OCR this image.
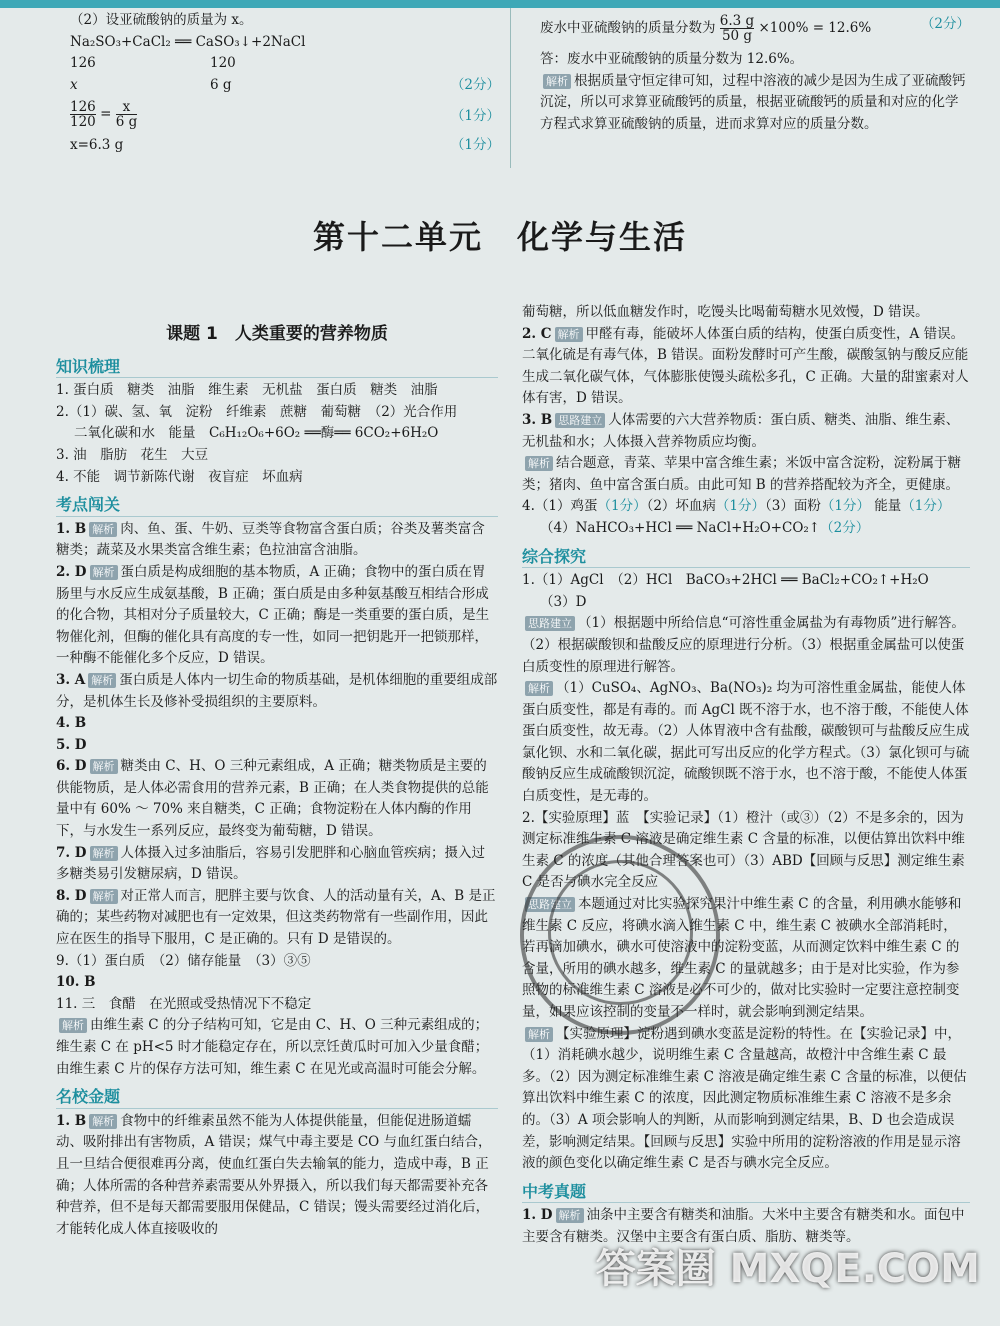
（2）设亚硫酸钠的质量为 x。

Na₂SO₃+CaCl₂ ══ CaSO₃↓+2NaCl

126	120

x	6 g	（2分）

$\frac{126}{120} = \frac{x}{6 g}$	（1分）

x=6.3 g	（1分）

废水中亚硫酸钠的质量分数为 $\frac{6.3 g}{50 g} \times 100\% = 12.6\%$	（2分）

答：废水中亚硫酸钠的质量分数为 12.6%。

解析 根据质量守恒定律可知，过程中溶液的减少是因为生成了亚硫酸钙沉淀，所以可求算亚硫酸钙的质量，根据亚硫酸钙的质量和对应的化学方程式求算亚硫酸钠的质量，进而求算对应的质量分数。

第十二单元　化学与生活
课题 1　人类重要的营养物质
知识梳理

1. 蛋白质　糖类　油脂　维生素　无机盐　蛋白质　糖类　油脂

2.（1）碳、氢、氧　淀粉　纤维素　蔗糖　葡萄糖　（2）光合作用

二氧化碳和水　能量　C₆H₁₂O₆+6O₂ ══酶══ 6CO₂+6H₂O

3. 油　脂肪　花生　大豆

4. 不能　调节新陈代谢　夜盲症　坏血病

考点闯关

1. B 解析 肉、鱼、蛋、牛奶、豆类等食物富含蛋白质；谷类及薯类富含糖类；蔬菜及水果类富含维生素；色拉油富含油脂。

2. D 解析 蛋白质是构成细胞的基本物质，A 正确；食物中的蛋白质在胃肠里与水反应生成氨基酸，B 正确；蛋白质是由多种氨基酸互相结合形成的化合物，其相对分子质量较大，C 正确；酶是一类重要的蛋白质，是生物催化剂，但酶的催化具有高度的专一性，如同一把钥匙开一把锁那样，一种酶不能催化多个反应，D 错误。

3. A 解析 蛋白质是人体内一切生命的物质基础，是机体细胞的重要组成部分，是机体生长及修补受损组织的主要原料。

4. B

5. D

6. D 解析 糖类由 C、H、O 三种元素组成，A 正确；糖类物质是主要的供能物质，是人体必需食用的营养元素，B 正确；在人类食物提供的总能量中有 60% ～ 70% 来自糖类，C 正确；食物淀粉在人体内酶的作用下，与水发生一系列反应，最终变为葡萄糖，D 错误。

7. D 解析 人体摄入过多油脂后，容易引发肥胖和心脑血管疾病；摄入过多糖类易引发糖尿病，D 错误。

8. D 解析 对正常人而言，肥胖主要与饮食、人的活动量有关，A、B 是正确的；某些药物对减肥也有一定效果，但这类药物常有一些副作用，因此应在医生的指导下服用，C 是正确的。只有 D 是错误的。

9.（1）蛋白质　（2）储存能量　（3）③⑤

10. B

11. 三　食醋　在光照或受热情况下不稳定

解析 由维生素 C 的分子结构可知，它是由 C、H、O 三种元素组成的；维生素 C 在 pH<5 时才能稳定存在，所以烹饪黄瓜时可加入少量食醋；由维生素 C 片的保存方法可知，维生素 C 在见光或高温时可能会分解。

名校金题

1. B 解析 食物中的纤维素虽然不能为人体提供能量，但能促进肠道蠕动、吸附排出有害物质，A 错误；煤气中毒主要是 CO 与血红蛋白结合，且一旦结合便很难再分离，使血红蛋白失去输氧的能力，造成中毒，B 正确；人体所需的各种营养素需要从外界摄入，所以我们每天都需要补充各种营养，但不是每天都需要服用保健品，C 错误；馒头需要经过消化后，才能转化成人体直接吸收的

葡萄糖，所以低血糖发作时，吃馒头比喝葡萄糖水见效慢，D 错误。

2. C 解析 甲醛有毒，能破坏人体蛋白质的结构，使蛋白质变性，A 错误。二氧化硫是有毒气体，B 错误。面粉发酵时可产生酸，碳酸氢钠与酸反应能生成二氧化碳气体，气体膨胀使馒头疏松多孔，C 正确。大量的甜蜜素对人体有害，D 错误。

3. B 思路建立 人体需要的六大营养物质：蛋白质、糖类、油脂、维生素、无机盐和水；人体摄入营养物质应均衡。

解析 结合题意，青菜、苹果中富含维生素；米饭中富含淀粉，淀粉属于糖类；猪肉、鱼中富含蛋白质。由此可知 B 的营养搭配较为齐全，更健康。

4.（1）鸡蛋（1分）（2）坏血病（1分）（3）面粉（1分） 能量（1分）

（4）NaHCO₃+HCl ══ NaCl+H₂O+CO₂↑（2分）

综合探究

1.（1）AgCl　（2）HCl　BaCO₃+2HCl ══ BaCl₂+CO₂↑+H₂O

（3）D

思路建立 （1）根据题中所给信息“可溶性重金属盐为有毒物质”进行解答。（2）根据碳酸钡和盐酸反应的原理进行分析。（3）根据重金属盐可以使蛋白质变性的原理进行解答。

解析 （1）CuSO₄、AgNO₃、Ba(NO₃)₂ 均为可溶性重金属盐，能使人体蛋白质变性，都是有毒的。而 AgCl 既不溶于水，也不溶于酸，不能使人体蛋白质变性，故无毒。（2）人体胃液中含有盐酸，碳酸钡可与盐酸反应生成氯化钡、水和二氧化碳，据此可写出反应的化学方程式。（3）氯化钡可与硫酸钠反应生成硫酸钡沉淀，硫酸钡既不溶于水，也不溶于酸，不能使人体蛋白质变性，是无毒的。

2.【实验原理】蓝　【实验记录】（1）橙汁（或③）（2）不是多余的，因为测定标准维生素 C 溶液是确定维生素 C 含量的标准，以便估算出饮料中维生素 C 的浓度（其他合理答案也可）（3）ABD【回顾与反思】测定维生素 C 是否与碘水完全反应

思路建立 本题通过对比实验探究果汁中维生素 C 的含量，利用碘水能够和维生素 C 反应，将碘水滴入维生素 C 中，维生素 C 被碘水全部消耗时，若再滴加碘水，碘水可使溶液中的淀粉变蓝，从而测定饮料中维生素 C 的含量，所用的碘水越多，维生素 C 的量就越多；由于是对比实验，作为参照物的标准维生素 C 溶液是必不可少的，做对比实验时一定要注意控制变量，如果应该控制的变量不一样时，就会影响到测定结果。

解析 【实验原理】淀粉遇到碘水变蓝是淀粉的特性。在【实验记录】中，（1）消耗碘水越少，说明维生素 C 含量越高，故橙汁中含维生素 C 最多。（2）因为测定标准维生素 C 溶液是确定维生素 C 含量的标准，以便估算出饮料中维生素 C 的浓度，因此测定物质标准维生素 C 溶液不是多余的。（3）A 项会影响人的判断，从而影响到测定结果，B、D 也会造成误差，影响测定结果。【回顾与反思】实验中所用的淀粉溶液的作用是显示溶液的颜色变化以确定维生素 C 是否与碘水完全反应。

中考真题

1. D 解析 油条中主要含有糖类和油脂。大米中主要含有糖类和水。面包中主要含有糖类。汉堡中主要含有蛋白质、脂肪、糖类等。

答案圈 MXQE.COM
